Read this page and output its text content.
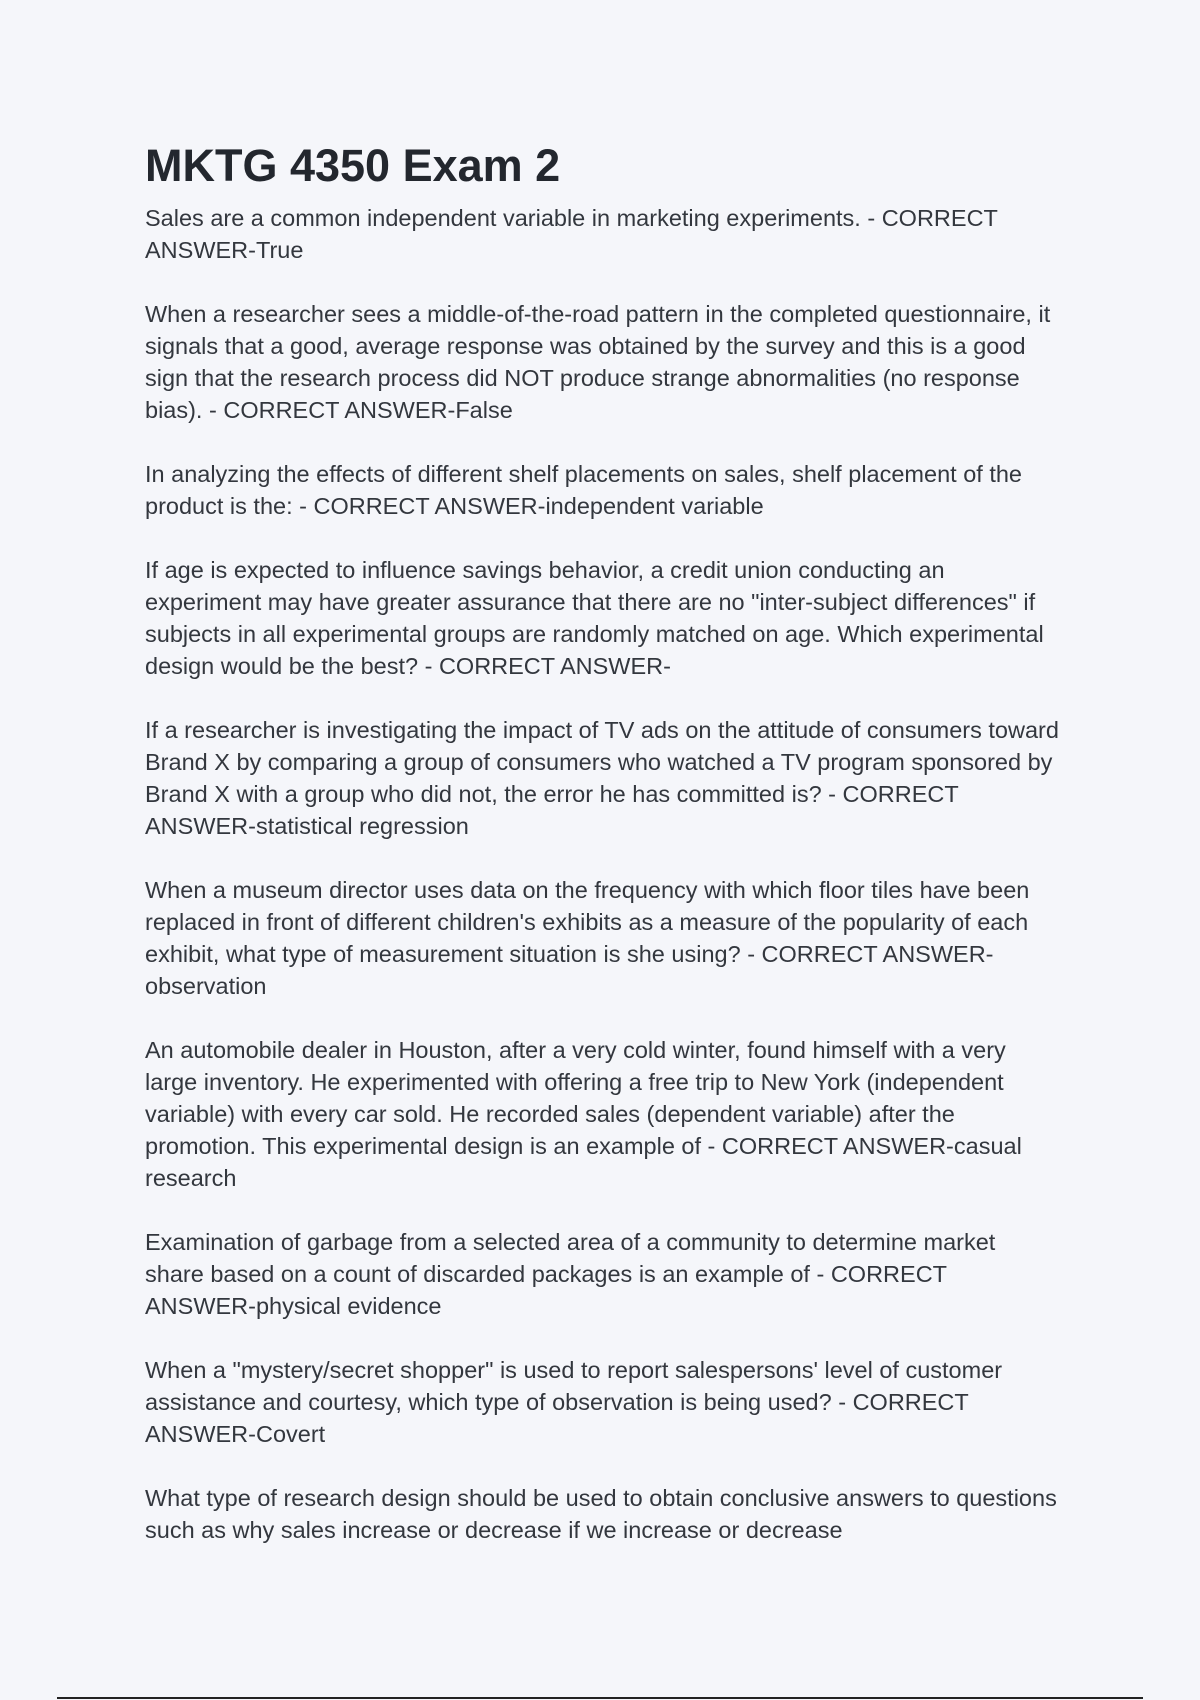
MKTG 4350 Exam 2

Sales are a common independent variable in marketing experiments. - CORRECT ANSWER-True

When a researcher sees a middle-of-the-road pattern in the completed questionnaire, it signals that a good, average response was obtained by the survey and this is a good sign that the research process did NOT produce strange abnormalities (no response bias). - CORRECT ANSWER-False

In analyzing the effects of different shelf placements on sales, shelf placement of the product is the: - CORRECT ANSWER-independent variable

If age is expected to influence savings behavior, a credit union conducting an experiment may have greater assurance that there are no "inter-subject differences" if subjects in all experimental groups are randomly matched on age. Which experimental design would be the best? - CORRECT ANSWER-

If a researcher is investigating the impact of TV ads on the attitude of consumers toward Brand X by comparing a group of consumers who watched a TV program sponsored by Brand X with a group who did not, the error he has committed is? - CORRECT ANSWER-statistical regression

When a museum director uses data on the frequency with which floor tiles have been replaced in front of different children's exhibits as a measure of the popularity of each exhibit, what type of measurement situation is she using? - CORRECT ANSWER-observation

An automobile dealer in Houston, after a very cold winter, found himself with a very large inventory. He experimented with offering a free trip to New York (independent variable) with every car sold. He recorded sales (dependent variable) after the promotion. This experimental design is an example of - CORRECT ANSWER-casual research

Examination of garbage from a selected area of a community to determine market share based on a count of discarded packages is an example of - CORRECT ANSWER-physical evidence

When a "mystery/secret shopper" is used to report salespersons' level of customer assistance and courtesy, which type of observation is being used? - CORRECT ANSWER-Covert

What type of research design should be used to obtain conclusive answers to questions such as why sales increase or decrease if we increase or decrease
